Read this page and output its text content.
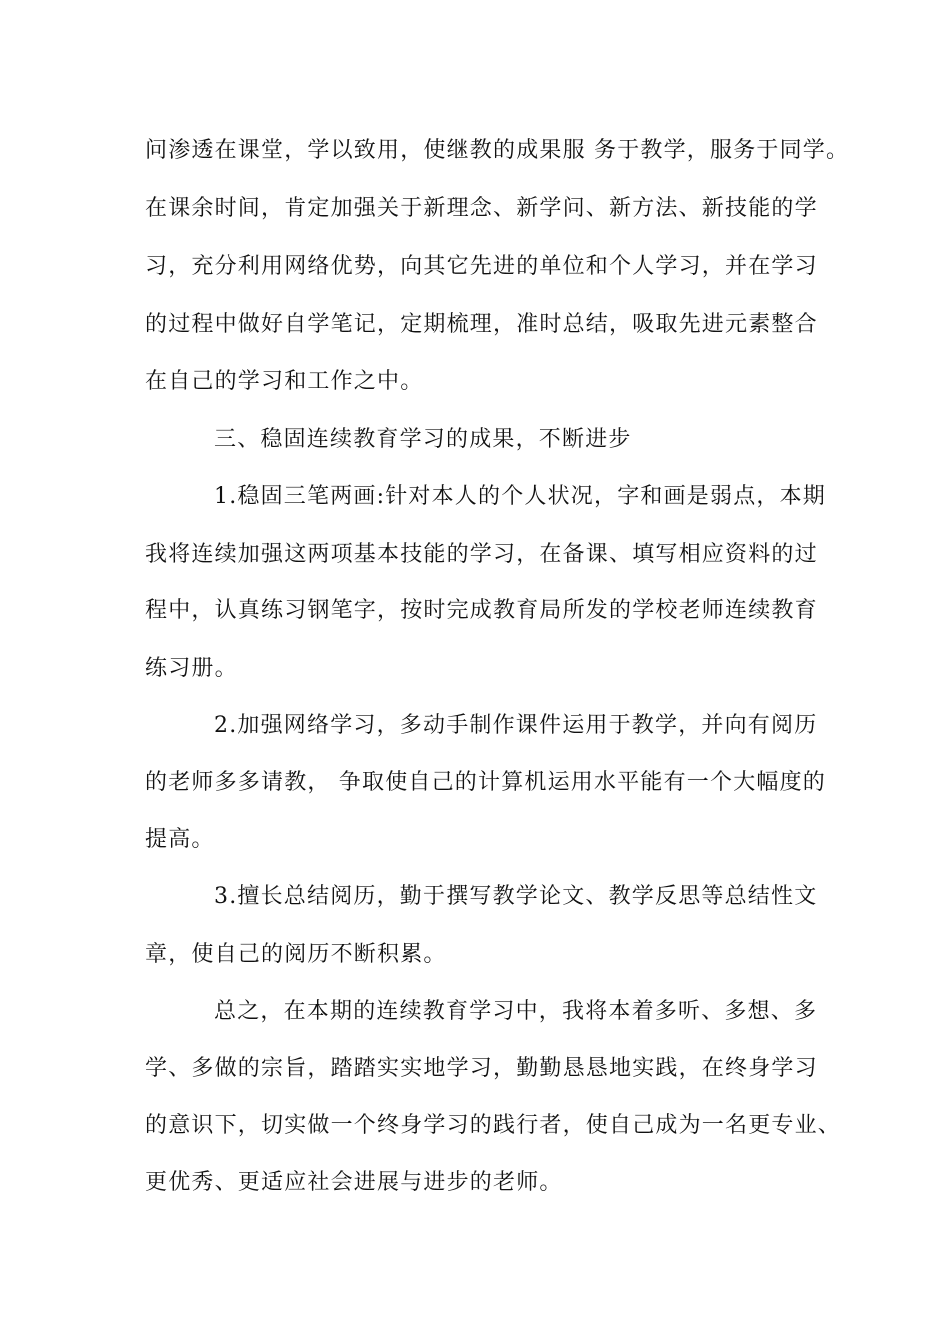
问渗透在课堂，学以致用，使继教的成果服 务于教学，服务于同学。
在课余时间，肯定加强关于新理念、新学问、新方法、新技能的学
习，充分利用网络优势，向其它先进的单位和个人学习，并在学习
的过程中做好自学笔记，定期梳理，准时总结，吸取先进元素整合
在自己的学习和工作之中。
三、稳固连续教育学习的成果，不断进步
1.稳固三笔两画:针对本人的个人状况，字和画是弱点，本期
我将连续加强这两项基本技能的学习，在备课、填写相应资料的过
程中，认真练习钢笔字，按时完成教育局所发的学校老师连续教育
练习册。
2.加强网络学习，多动手制作课件运用于教学，并向有阅历
的老师多多请教， 争取使自己的计算机运用水平能有一个大幅度的
提高。
3.擅长总结阅历，勤于撰写教学论文、教学反思等总结性文
章，使自己的阅历不断积累。
总之，在本期的连续教育学习中，我将本着多听、多想、多
学、多做的宗旨，踏踏实实地学习，勤勤恳恳地实践，在终身学习
的意识下，切实做一个终身学习的践行者，使自己成为一名更专业、
更优秀、更适应社会进展与进步的老师。
